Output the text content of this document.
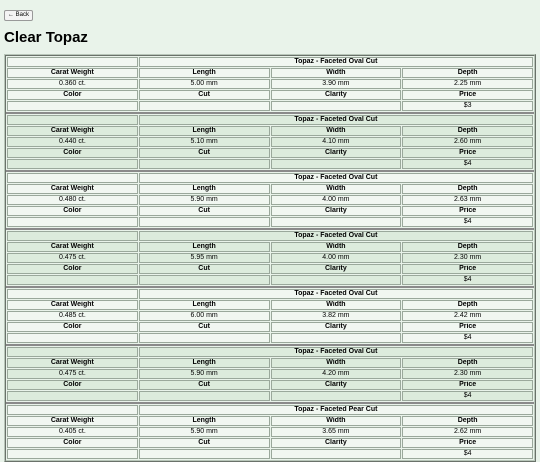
← Back
Clear Topaz
	Topaz - Faceted Oval Cut		
Carat Weight	Length	Width	Depth
0.360 ct.	5.00 mm	3.90 mm	2.25 mm
Color	Cut	Clarity	Price
			$3
	Topaz - Faceted Oval Cut		
Carat Weight	Length	Width	Depth
0.440 ct.	5.10 mm	4.10 mm	2.60 mm
Color	Cut	Clarity	Price
			$4
	Topaz - Faceted Oval Cut		
Carat Weight	Length	Width	Depth
0.480 ct.	5.90 mm	4.00 mm	2.63 mm
Color	Cut	Clarity	Price
			$4
	Topaz - Faceted Oval Cut		
Carat Weight	Length	Width	Depth
0.475 ct.	5.95 mm	4.00 mm	2.30 mm
Color	Cut	Clarity	Price
			$4
	Topaz - Faceted Oval Cut		
Carat Weight	Length	Width	Depth
0.485 ct.	6.00 mm	3.82 mm	2.42 mm
Color	Cut	Clarity	Price
			$4
	Topaz - Faceted Oval Cut		
Carat Weight	Length	Width	Depth
0.475 ct.	5.90 mm	4.20 mm	2.30 mm
Color	Cut	Clarity	Price
			$4
	Topaz - Faceted Pear Cut		
Carat Weight	Length	Width	Depth
0.405 ct.	5.90 mm	3.65 mm	2.62 mm
Color	Cut	Clarity	Price
			$4
